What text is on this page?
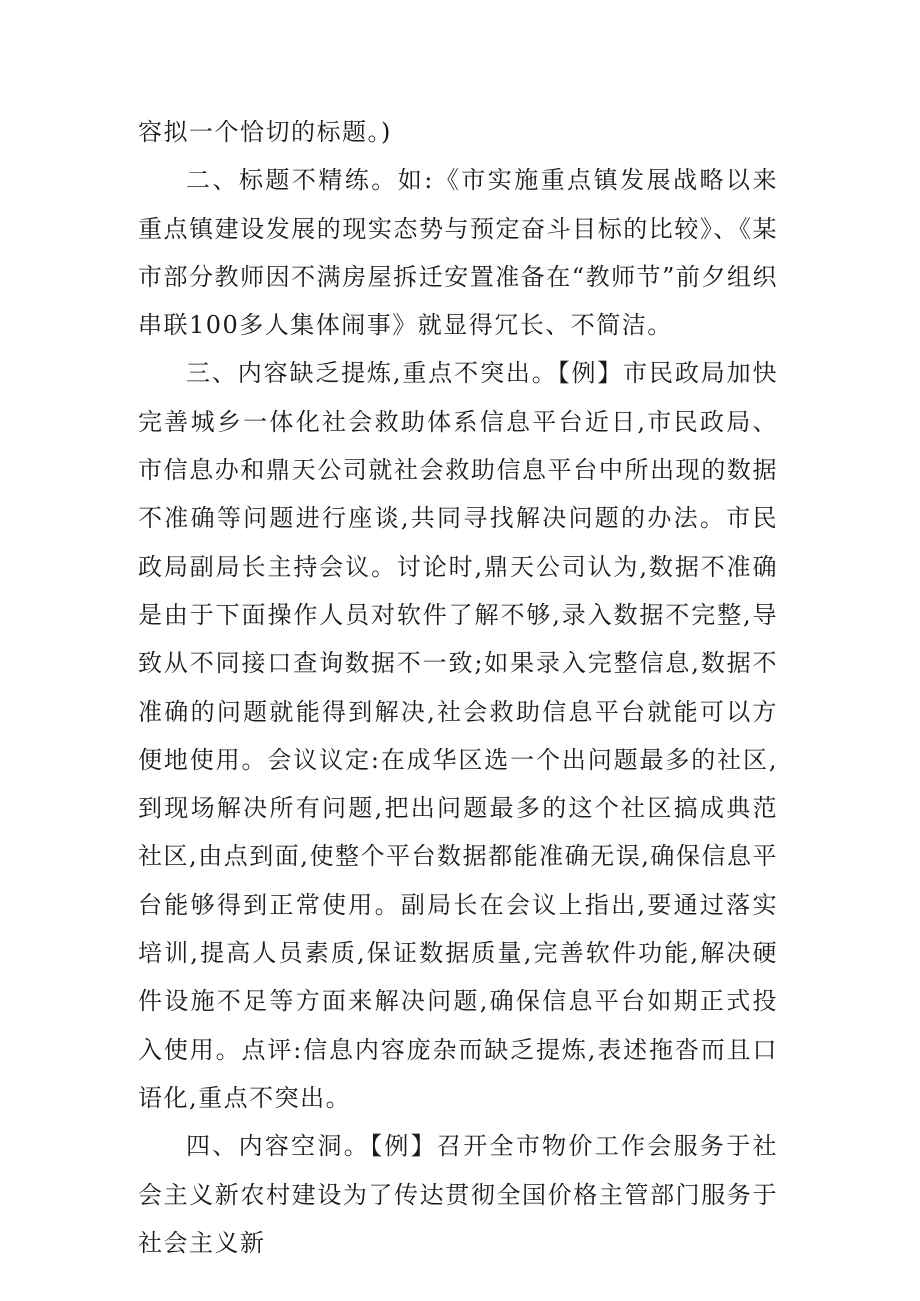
容拟一个恰切的标题。)

二、标题不精练。如:《市实施重点镇发展战略以来重点镇建设发展的现实态势与预定奋斗目标的比较》、《某市部分教师因不满房屋拆迁安置准备在“教师节”前夕组织串联100多人集体闹事》就显得冗长、不简洁。

三、内容缺乏提炼,重点不突出。【例】市民政局加快完善城乡一体化社会救助体系信息平台近日,市民政局、市信息办和鼎天公司就社会救助信息平台中所出现的数据不准确等问题进行座谈,共同寻找解决问题的办法。市民政局副局长主持会议。讨论时,鼎天公司认为,数据不准确是由于下面操作人员对软件了解不够,录入数据不完整,导致从不同接口查询数据不一致;如果录入完整信息,数据不准确的问题就能得到解决,社会救助信息平台就能可以方便地使用。会议议定:在成华区选一个出问题最多的社区,到现场解决所有问题,把出问题最多的这个社区搞成典范社区,由点到面,使整个平台数据都能准确无误,确保信息平台能够得到正常使用。副局长在会议上指出,要通过落实培训,提高人员素质,保证数据质量,完善软件功能,解决硬件设施不足等方面来解决问题,确保信息平台如期正式投入使用。点评:信息内容庞杂而缺乏提炼,表述拖沓而且口语化,重点不突出。

四、内容空洞。【例】召开全市物价工作会服务于社会主义新农村建设为了传达贯彻全国价格主管部门服务于社会主义新
